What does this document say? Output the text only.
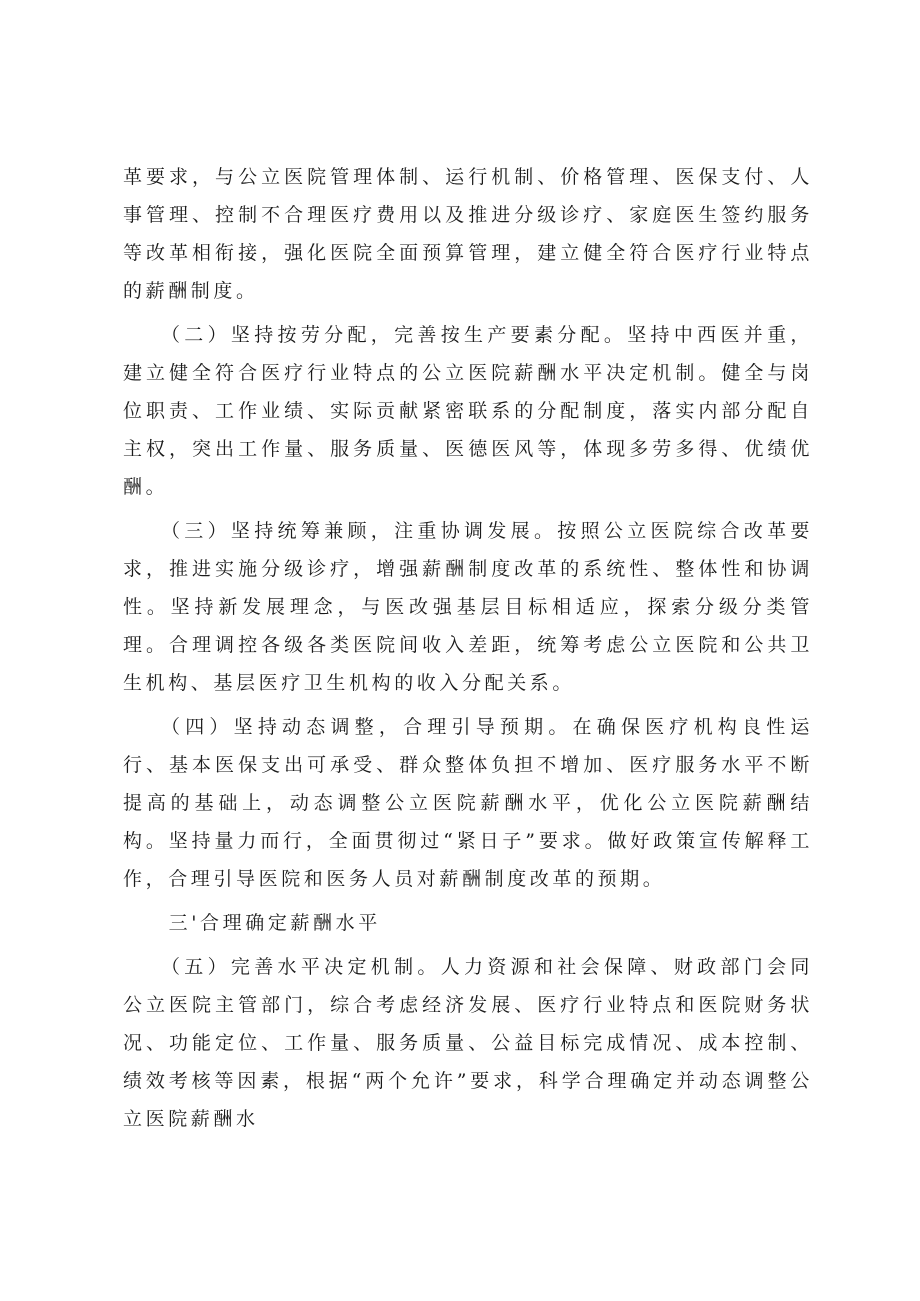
革要求，与公立医院管理体制、运行机制、价格管理、医保支付、人事管理、控制不合理医疗费用以及推进分级诊疗、家庭医生签约服务等改革相衔接，强化医院全面预算管理，建立健全符合医疗行业特点的薪酬制度。

（二）坚持按劳分配，完善按生产要素分配。坚持中西医并重，建立健全符合医疗行业特点的公立医院薪酬水平决定机制。健全与岗位职责、工作业绩、实际贡献紧密联系的分配制度，落实内部分配自主权，突出工作量、服务质量、医德医风等，体现多劳多得、优绩优酬。

（三）坚持统筹兼顾，注重协调发展。按照公立医院综合改革要求，推进实施分级诊疗，增强薪酬制度改革的系统性、整体性和协调性。坚持新发展理念，与医改强基层目标相适应，探索分级分类管理。合理调控各级各类医院间收入差距，统筹考虑公立医院和公共卫生机构、基层医疗卫生机构的收入分配关系。

（四）坚持动态调整，合理引导预期。在确保医疗机构良性运行、基本医保支出可承受、群众整体负担不增加、医疗服务水平不断提高的基础上，动态调整公立医院薪酬水平，优化公立医院薪酬结构。坚持量力而行，全面贯彻过“紧日子”要求。做好政策宣传解释工作，合理引导医院和医务人员对薪酬制度改革的预期。

三'合理确定薪酬水平

（五）完善水平决定机制。人力资源和社会保障、财政部门会同公立医院主管部门，综合考虑经济发展、医疗行业特点和医院财务状况、功能定位、工作量、服务质量、公益目标完成情况、成本控制、绩效考核等因素，根据“两个允许”要求，科学合理确定并动态调整公立医院薪酬水
